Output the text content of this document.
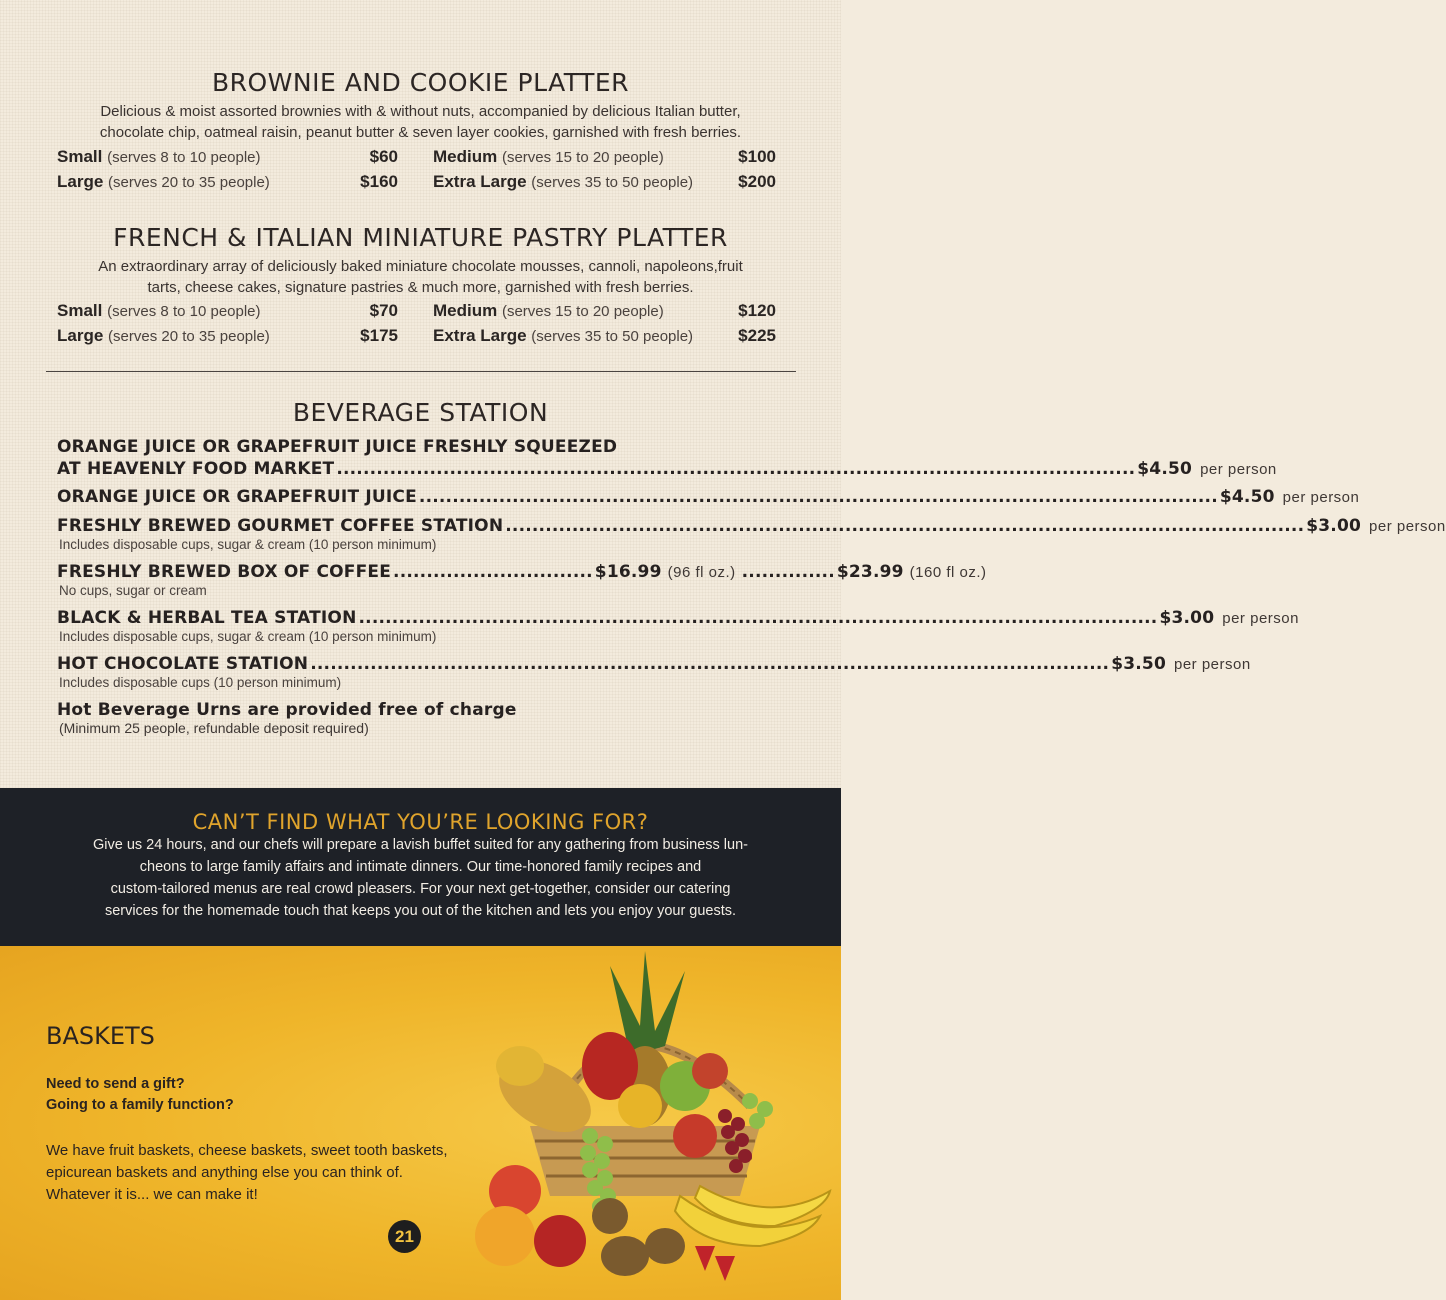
BROWNIE AND COOKIE PLATTER
Delicious & moist assorted brownies with & without nuts, accompanied by delicious Italian butter,
chocolate chip, oatmeal raisin, peanut butter & seven layer cookies, garnished with fresh berries.
Small (serves 8 to 10 people)	$60 Medium (serves 15 to 20 people)	$100
Large (serves 20 to 35 people)	$160 Extra Large (serves 35 to 50 people)	$200
FRENCH & ITALIAN MINIATURE PASTRY PLATTER
An extraordinary array of deliciously baked miniature chocolate mousses, cannoli, napoleons,fruit
tarts, cheese cakes, signature pastries & much more, garnished with fresh berries.
Small (serves 8 to 10 people)	$70 Medium (serves 15 to 20 people)	$120
Large (serves 20 to 35 people)	$175 Extra Large (serves 35 to 50 people)	$225
BEVERAGE STATION
ORANGE JUICE OR GRAPEFRUIT JUICE FRESHLY SQUEEZED
AT HEAVENLY FOOD MARKET .....	$4.50 per person
ORANGE JUICE OR GRAPEFRUIT JUICE .....	$4.50 per person
FRESHLY BREWED GOURMET COFFEE STATION .....	$3.00 per person
Includes disposable cups, sugar & cream (10 person minimum)
FRESHLY BREWED BOX OF COFFEE .............................. $16.99 (96 fl oz.) .............. $23.99 (160 fl oz.)
No cups, sugar or cream
BLACK & HERBAL TEA STATION .....	$3.00 per person
Includes disposable cups, sugar & cream (10 person minimum)
HOT CHOCOLATE STATION .....	$3.50 per person
Includes disposable cups (10 person minimum)
Hot Beverage Urns are provided free of charge
(Minimum 25 people, refundable deposit required)
CAN’T FIND WHAT YOU’RE LOOKING FOR?
Give us 24 hours, and our chefs will prepare a lavish buffet suited for any gathering from business lun-
cheons to large family affairs and intimate dinners. Our time-honored family recipes and
custom-tailored menus are real crowd pleasers. For your next get-together, consider our catering
services for the homemade touch that keeps you out of the kitchen and lets you enjoy your guests.
BASKETS
Need to send a gift?
Going to a family function?
We have fruit baskets, cheese baskets, sweet tooth baskets,
epicurean baskets and anything else you can think of.
Whatever it is... we can make it!
21
